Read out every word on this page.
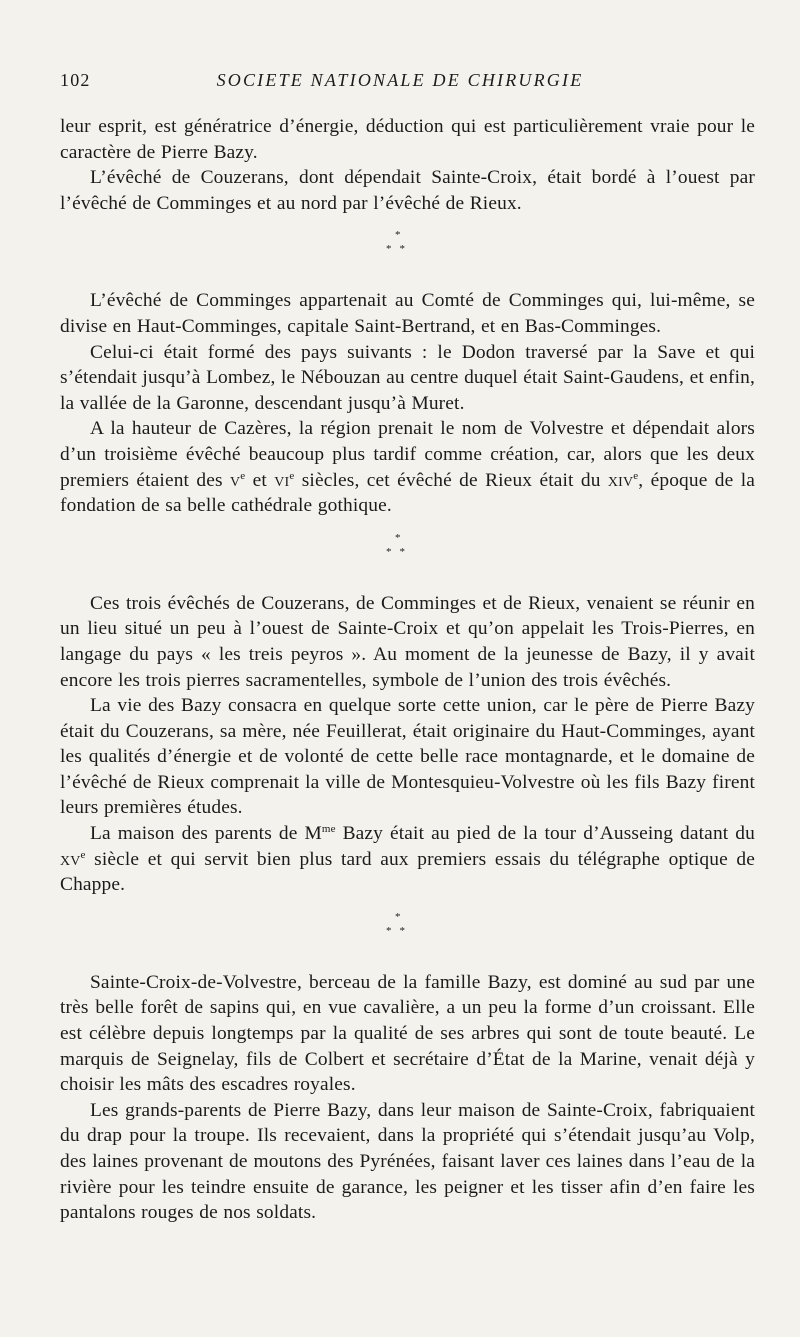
102	SOCIETE NATIONALE DE CHIRURGIE

leur esprit, est génératrice d’énergie, déduction qui est particulièrement vraie pour le caractère de Pierre Bazy.

L’évêché de Couzerans, dont dépendait Sainte-Croix, était bordé à l’ouest par l’évêché de Comminges et au nord par l’évêché de Rieux.

*
**

L’évêché de Comminges appartenait au Comté de Comminges qui, lui-même, se divise en Haut-Comminges, capitale Saint-Bertrand, et en Bas-Comminges.

Celui-ci était formé des pays suivants : le Dodon traversé par la Save et qui s’étendait jusqu’à Lombez, le Nébouzan au centre duquel était Saint-Gaudens, et enfin, la vallée de la Garonne, descendant jusqu’à Muret.

A la hauteur de Cazères, la région prenait le nom de Volvestre et dépendait alors d’un troisième évêché beaucoup plus tardif comme création, car, alors que les deux premiers étaient des $v^e$ et $vi^e$ siècles, cet évêché de Rieux était du xiv$^e$, époque de la fondation de sa belle cathédrale gothique.

*
**

Ces trois évêchés de Couzerans, de Comminges et de Rieux, venaient se réunir en un lieu situé un peu à l’ouest de Sainte-Croix et qu’on appelait les Trois-Pierres, en langage du pays « les treis peyros ». Au moment de la jeunesse de Bazy, il y avait encore les trois pierres sacramentelles, symbole de l’union des trois évêchés.

La vie des Bazy consacra en quelque sorte cette union, car le père de Pierre Bazy était du Couzerans, sa mère, née Feuillerat, était originaire du Haut-Comminges, ayant les qualités d’énergie et de volonté de cette belle race montagnarde, et le domaine de l’évêché de Rieux comprenait la ville de Montesquieu-Volvestre où les fils Bazy firent leurs premières études.

La maison des parents de $M^{me}$ Bazy était au pied de la tour d’Ausseing datant du $xv^e$ siècle et qui servit bien plus tard aux premiers essais du télégraphe optique de Chappe.

*
**

Sainte-Croix-de-Volvestre, berceau de la famille Bazy, est dominé au sud par une très belle forêt de sapins qui, en vue cavalière, a un peu la forme d’un croissant. Elle est célèbre depuis longtemps par la qualité de ses arbres qui sont de toute beauté. Le marquis de Seignelay, fils de Colbert et secrétaire d’État de la Marine, venait déjà y choisir les mâts des escadres royales.

Les grands-parents de Pierre Bazy, dans leur maison de Sainte-Croix, fabriquaient du drap pour la troupe. Ils recevaient, dans la propriété qui s’étendait jusqu’au Volp, des laines provenant de moutons des Pyrénées, faisant laver ces laines dans l’eau de la rivière pour les teindre ensuite de garance, les peigner et les tisser afin d’en faire les pantalons rouges de nos soldats.
